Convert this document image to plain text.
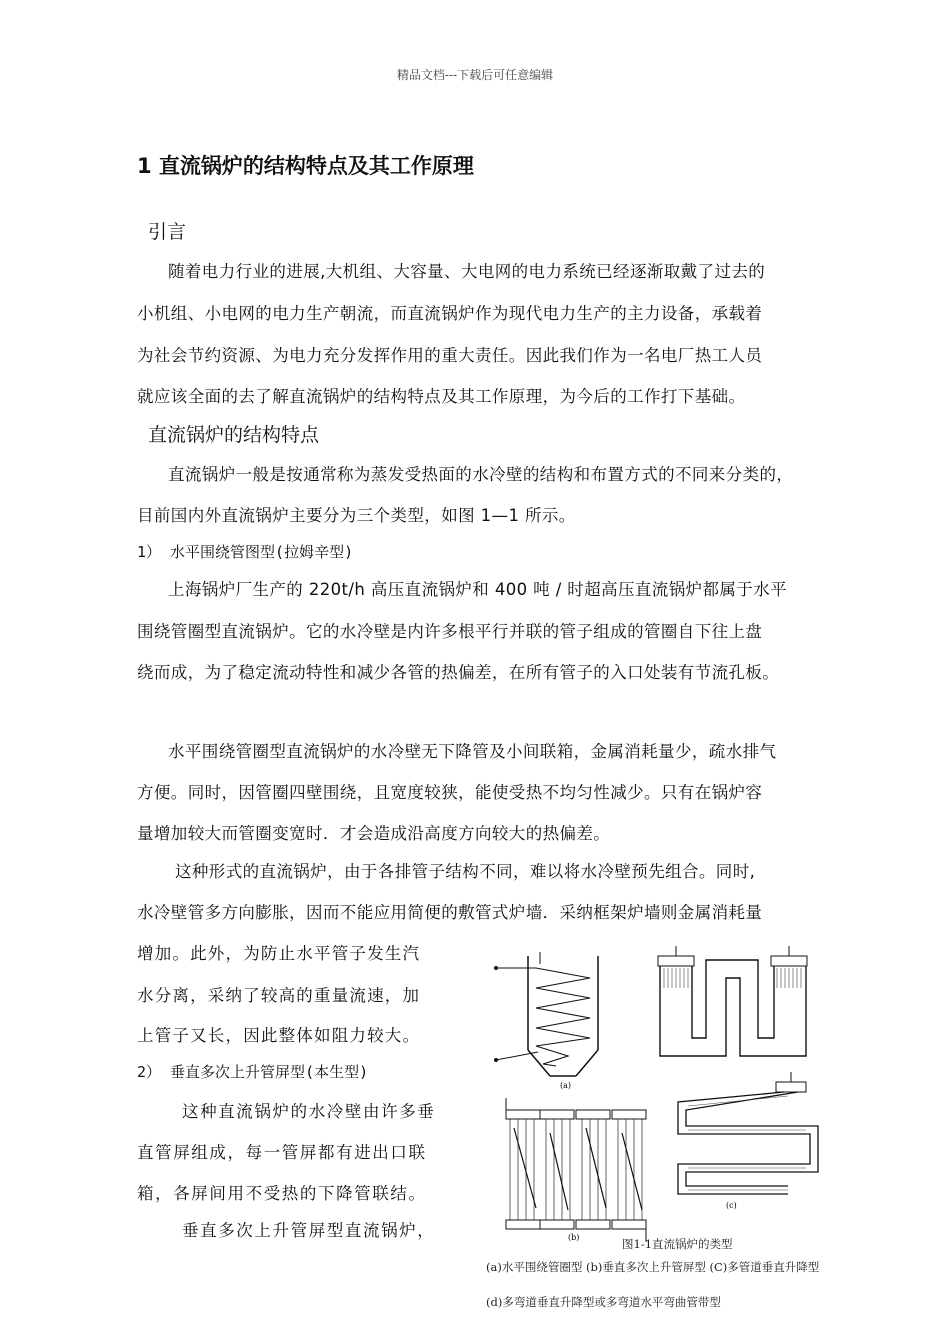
精品文档---下载后可任意编辑
1 直流锅炉的结构特点及其工作原理
引言
随着电力行业的进展,大机组、大容量、大电网的电力系统已经逐渐取戴了过去的
小机组、小电网的电力生产朝流，而直流锅炉作为现代电力生产的主力设备，承载着
为社会节约资源、为电力充分发挥作用的重大责任。因此我们作为一名电厂热工人员
就应该全面的去了解直流锅炉的结构特点及其工作原理，为今后的工作打下基础。
直流锅炉的结构特点
直流锅炉一般是按通常称为蒸发受热面的水冷壁的结构和布置方式的不同来分类的，
目前国内外直流锅炉主要分为三个类型，如图 1—1 所示。
1） 水平围绕管图型(拉姆辛型)
上海锅炉厂生产的 220t/h 高压直流锅炉和 400 吨 / 时超高压直流锅炉都属于水平
围绕管圈型直流锅炉。它的水冷壁是内许多根平行并联的管子组成的管圈自下往上盘
绕而成，为了稳定流动特性和减少各管的热偏差，在所有管子的入口处装有节流孔板。
水平围绕管圈型直流锅炉的水冷壁无下降管及小间联箱，金属消耗量少，疏水排气
方便。同时，因管圈四壁围绕，且宽度较狭，能使受热不均匀性减少。只有在锅炉容
量增加较大而管圈变宽时．才会造成沿高度方向较大的热偏差。
这种形式的直流锅炉，由于各排管子结构不同，难以将水冷壁预先组合。同时,
水冷壁管多方向膨胀，因而不能应用简便的敷管式炉墙．采纳框架炉墙则金属消耗量
增加。此外，为防止水平管子发生汽
水分离，采纳了较高的重量流速，加
上管子又长，因此整体如阻力较大。
2） 垂直多次上升管屏型(本生型)
这种直流锅炉的水冷壁由许多垂
直管屏组成，每一管屏都有进出口联
箱，各屏间用不受热的下降管联结。
垂直多次上升管屏型直流锅炉，
(a)
(b)
(c)
图1-1直流锅炉的类型
(a)水平围绕管圈型 (b)垂直多次上升管屏型 (C)多管道垂直升降型
(d)多弯道垂直升降型或多弯道水平弯曲管带型
